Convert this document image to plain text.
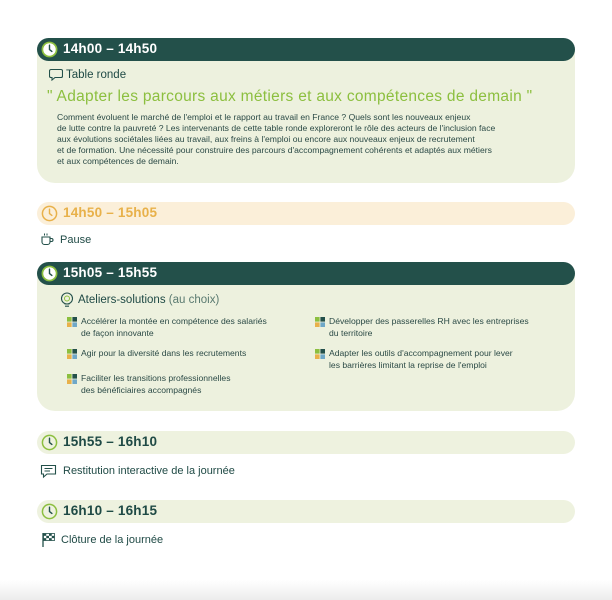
14h00 – 14h50
Table ronde
" Adapter les parcours aux métiers et aux compétences de demain "
Comment évoluent le marché de l'emploi et le rapport au travail en France ? Quels sont les nouveaux enjeux
de lutte contre la pauvreté ? Les intervenants de cette table ronde exploreront le rôle des acteurs de l'inclusion face
aux évolutions sociétales liées au travail, aux freins à l'emploi ou encore aux nouveaux enjeux de recrutement
et de formation. Une nécessité pour construire des parcours d'accompagnement cohérents et adaptés aux métiers
et aux compétences de demain.
14h50 – 15h05
Pause
15h05 – 15h55
Ateliers-solutions (au choix)
Accélérer la montée en compétence des salariés
de façon innovante
Agir pour la diversité dans les recrutements
Faciliter les transitions professionnelles
des bénéficiaires accompagnés
Développer des passerelles RH avec les entreprises
du territoire
Adapter les outils d'accompagnement pour lever
les barrières limitant la reprise de l'emploi
15h55 – 16h10
Restitution interactive de la journée
16h10 – 16h15
Clôture de la journée
